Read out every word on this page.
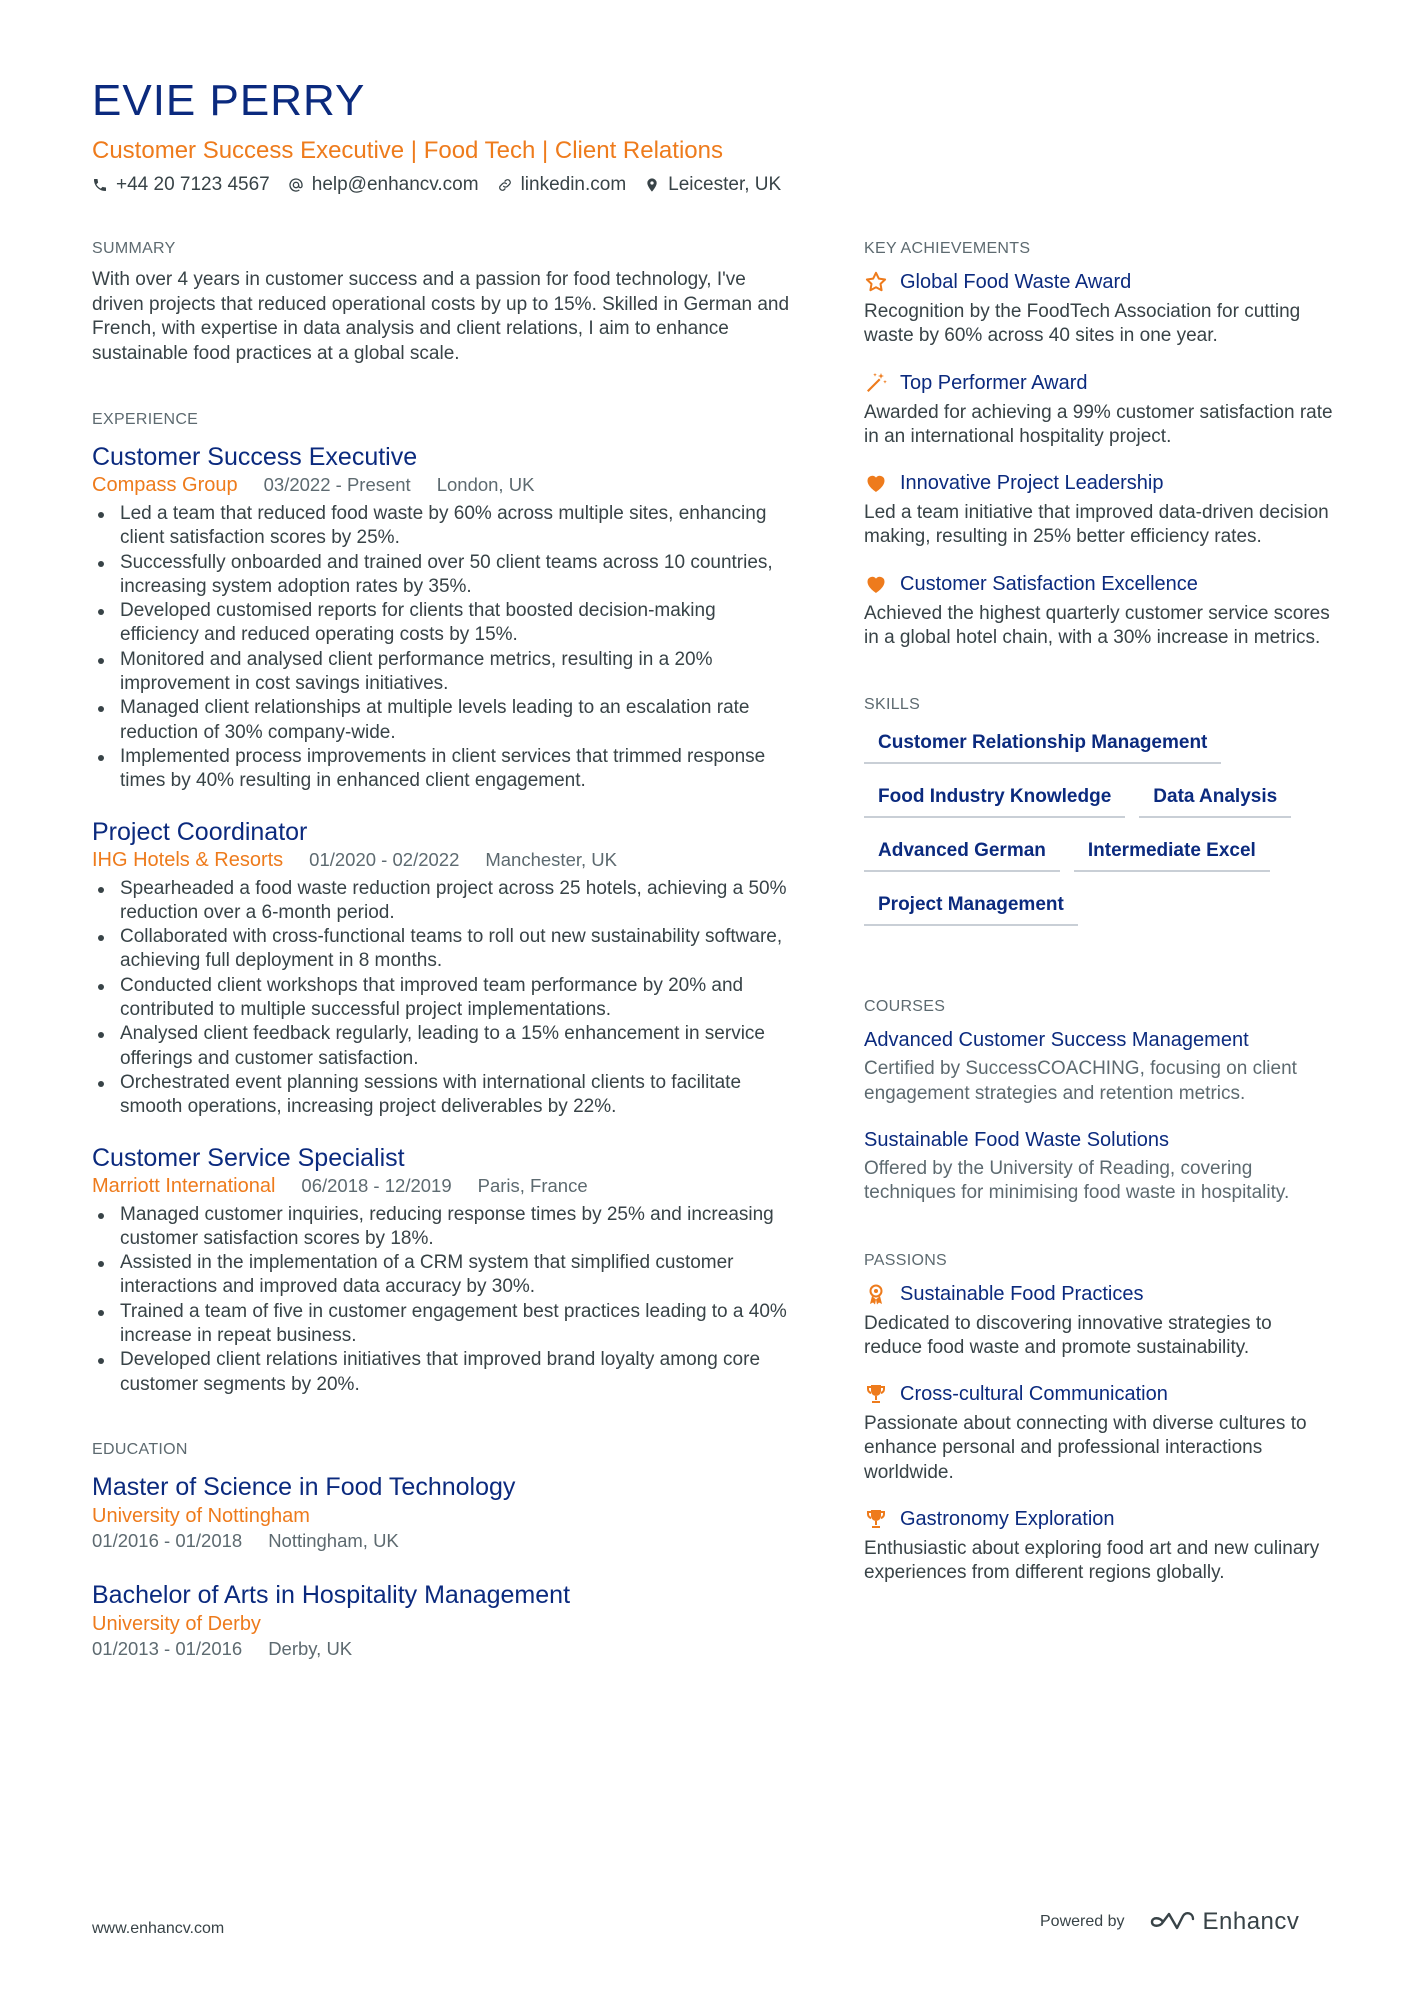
EVIE PERRY
Customer Success Executive | Food Tech | Client Relations
+44 20 7123 4567 help@enhancv.com linkedin.com Leicester, UK
SUMMARY

With over 4 years in customer success and a passion for food technology, I've driven projects that reduced operational costs by up to 15%. Skilled in German and French, with expertise in data analysis and client relations, I aim to enhance sustainable food practices at a global scale.

EXPERIENCE
Customer Success Executive
Compass Group 03/2022 - Present London, UK
Led a team that reduced food waste by 60% across multiple sites, enhancing client satisfaction scores by 25%.
Successfully onboarded and trained over 50 client teams across 10 countries, increasing system adoption rates by 35%.
Developed customised reports for clients that boosted decision-making efficiency and reduced operating costs by 15%.
Monitored and analysed client performance metrics, resulting in a 20% improvement in cost savings initiatives.
Managed client relationships at multiple levels leading to an escalation rate reduction of 30% company-wide.
Implemented process improvements in client services that trimmed response times by 40% resulting in enhanced client engagement.
Project Coordinator
IHG Hotels & Resorts 01/2020 - 02/2022 Manchester, UK
Spearheaded a food waste reduction project across 25 hotels, achieving a 50% reduction over a 6-month period.
Collaborated with cross-functional teams to roll out new sustainability software, achieving full deployment in 8 months.
Conducted client workshops that improved team performance by 20% and contributed to multiple successful project implementations.
Analysed client feedback regularly, leading to a 15% enhancement in service offerings and customer satisfaction.
Orchestrated event planning sessions with international clients to facilitate smooth operations, increasing project deliverables by 22%.
Customer Service Specialist
Marriott International 06/2018 - 12/2019 Paris, France
Managed customer inquiries, reducing response times by 25% and increasing customer satisfaction scores by 18%.
Assisted in the implementation of a CRM system that simplified customer interactions and improved data accuracy by 30%.
Trained a team of five in customer engagement best practices leading to a 40% increase in repeat business.
Developed client relations initiatives that improved brand loyalty among core customer segments by 20%.
EDUCATION
Master of Science in Food Technology
University of Nottingham
01/2016 - 01/2018 Nottingham, UK
Bachelor of Arts in Hospitality Management
University of Derby
01/2013 - 01/2016 Derby, UK
KEY ACHIEVEMENTS
Global Food Waste Award

Recognition by the FoodTech Association for cutting waste by 60% across 40 sites in one year.

Top Performer Award

Awarded for achieving a 99% customer satisfaction rate in an international hospitality project.

Innovative Project Leadership

Led a team initiative that improved data-driven decision making, resulting in 25% better efficiency rates.

Customer Satisfaction Excellence

Achieved the highest quarterly customer service scores in a global hotel chain, with a 30% increase in metrics.

SKILLS
Customer Relationship Management
Food Industry Knowledge	Data Analysis
Advanced German	Intermediate Excel
Project Management
COURSES
Advanced Customer Success Management

Certified by SuccessCOACHING, focusing on client engagement strategies and retention metrics.

Sustainable Food Waste Solutions

Offered by the University of Reading, covering techniques for minimising food waste in hospitality.

PASSIONS
Sustainable Food Practices

Dedicated to discovering innovative strategies to reduce food waste and promote sustainability.

Cross-cultural Communication

Passionate about connecting with diverse cultures to enhance personal and professional interactions worldwide.

Gastronomy Exploration

Enthusiastic about exploring food art and new culinary experiences from different regions globally.

www.enhancv.com	Powered by	Enhancv
